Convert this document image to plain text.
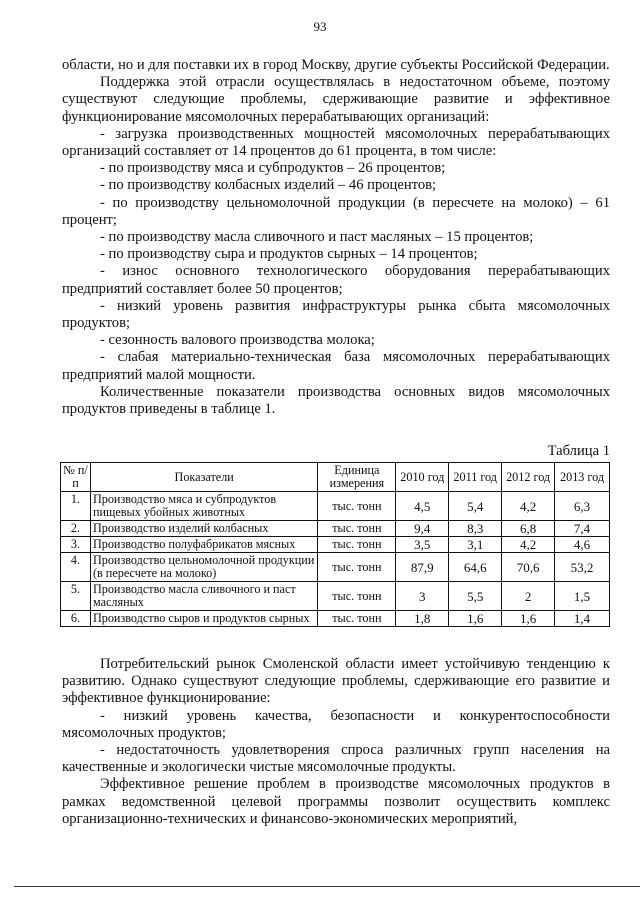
93

области, но и для поставки их в город Москву, другие субъекты Российской Федерации.

Поддержка этой отрасли осуществлялась в недостаточном объеме, поэтому существуют следующие проблемы, сдерживающие развитие и эффективное функционирование мясомолочных перерабатывающих организаций:

- загрузка производственных мощностей мясомолочных перерабатывающих организаций составляет от 14 процентов до 61 процента, в том числе:

- по производству мяса и субпродуктов – 26 процентов;

- по производству колбасных изделий – 46 процентов;

- по производству цельномолочной продукции (в пересчете на молоко) – 61 процент;

- по производству масла сливочного и паст масляных – 15 процентов;

- по производству сыра и продуктов сырных – 14 процентов;

- износ основного технологического оборудования перерабатывающих предприятий составляет более 50 процентов;

- низкий уровень развития инфраструктуры рынка сбыта мясомолочных продуктов;

- сезонность валового производства молока;

- слабая материально-техническая база мясомолочных перерабатывающих предприятий малой мощности.

Количественные показатели производства основных видов мясомолочных продуктов приведены в таблице 1.

Таблица 1
№ п/п	Показатели	Единица измерения	2010 год	2011 год	2012 год	2013 год
1.	Производство мяса и субпродуктов пищевых убойных животных	тыс. тонн	4,5	5,4	4,2	6,3
2.	Производство изделий колбасных	тыс. тонн	9,4	8,3	6,8	7,4
3.	Производство полуфабрикатов мясных	тыс. тонн	3,5	3,1	4,2	4,6
4.	Производство цельномолочной продукции (в пересчете на молоко)	тыс. тонн	87,9	64,6	70,6	53,2
5.	Производство масла сливочного и паст масляных	тыс. тонн	3	5,5	2	1,5
6.	Производство сыров и продуктов сырных	тыс. тонн	1,8	1,6	1,6	1,4

Потребительский рынок Смоленской области имеет устойчивую тенденцию к развитию. Однако существуют следующие проблемы, сдерживающие его развитие и эффективное функционирование:

- низкий уровень качества, безопасности и конкурентоспособности мясомолочных продуктов;

- недостаточность удовлетворения спроса различных групп населения на качественные и экологически чистые мясомолочные продукты.

Эффективное решение проблем в производстве мясомолочных продуктов в рамках ведомственной целевой программы позволит осуществить комплекс организационно-технических и финансово-экономических мероприятий,
